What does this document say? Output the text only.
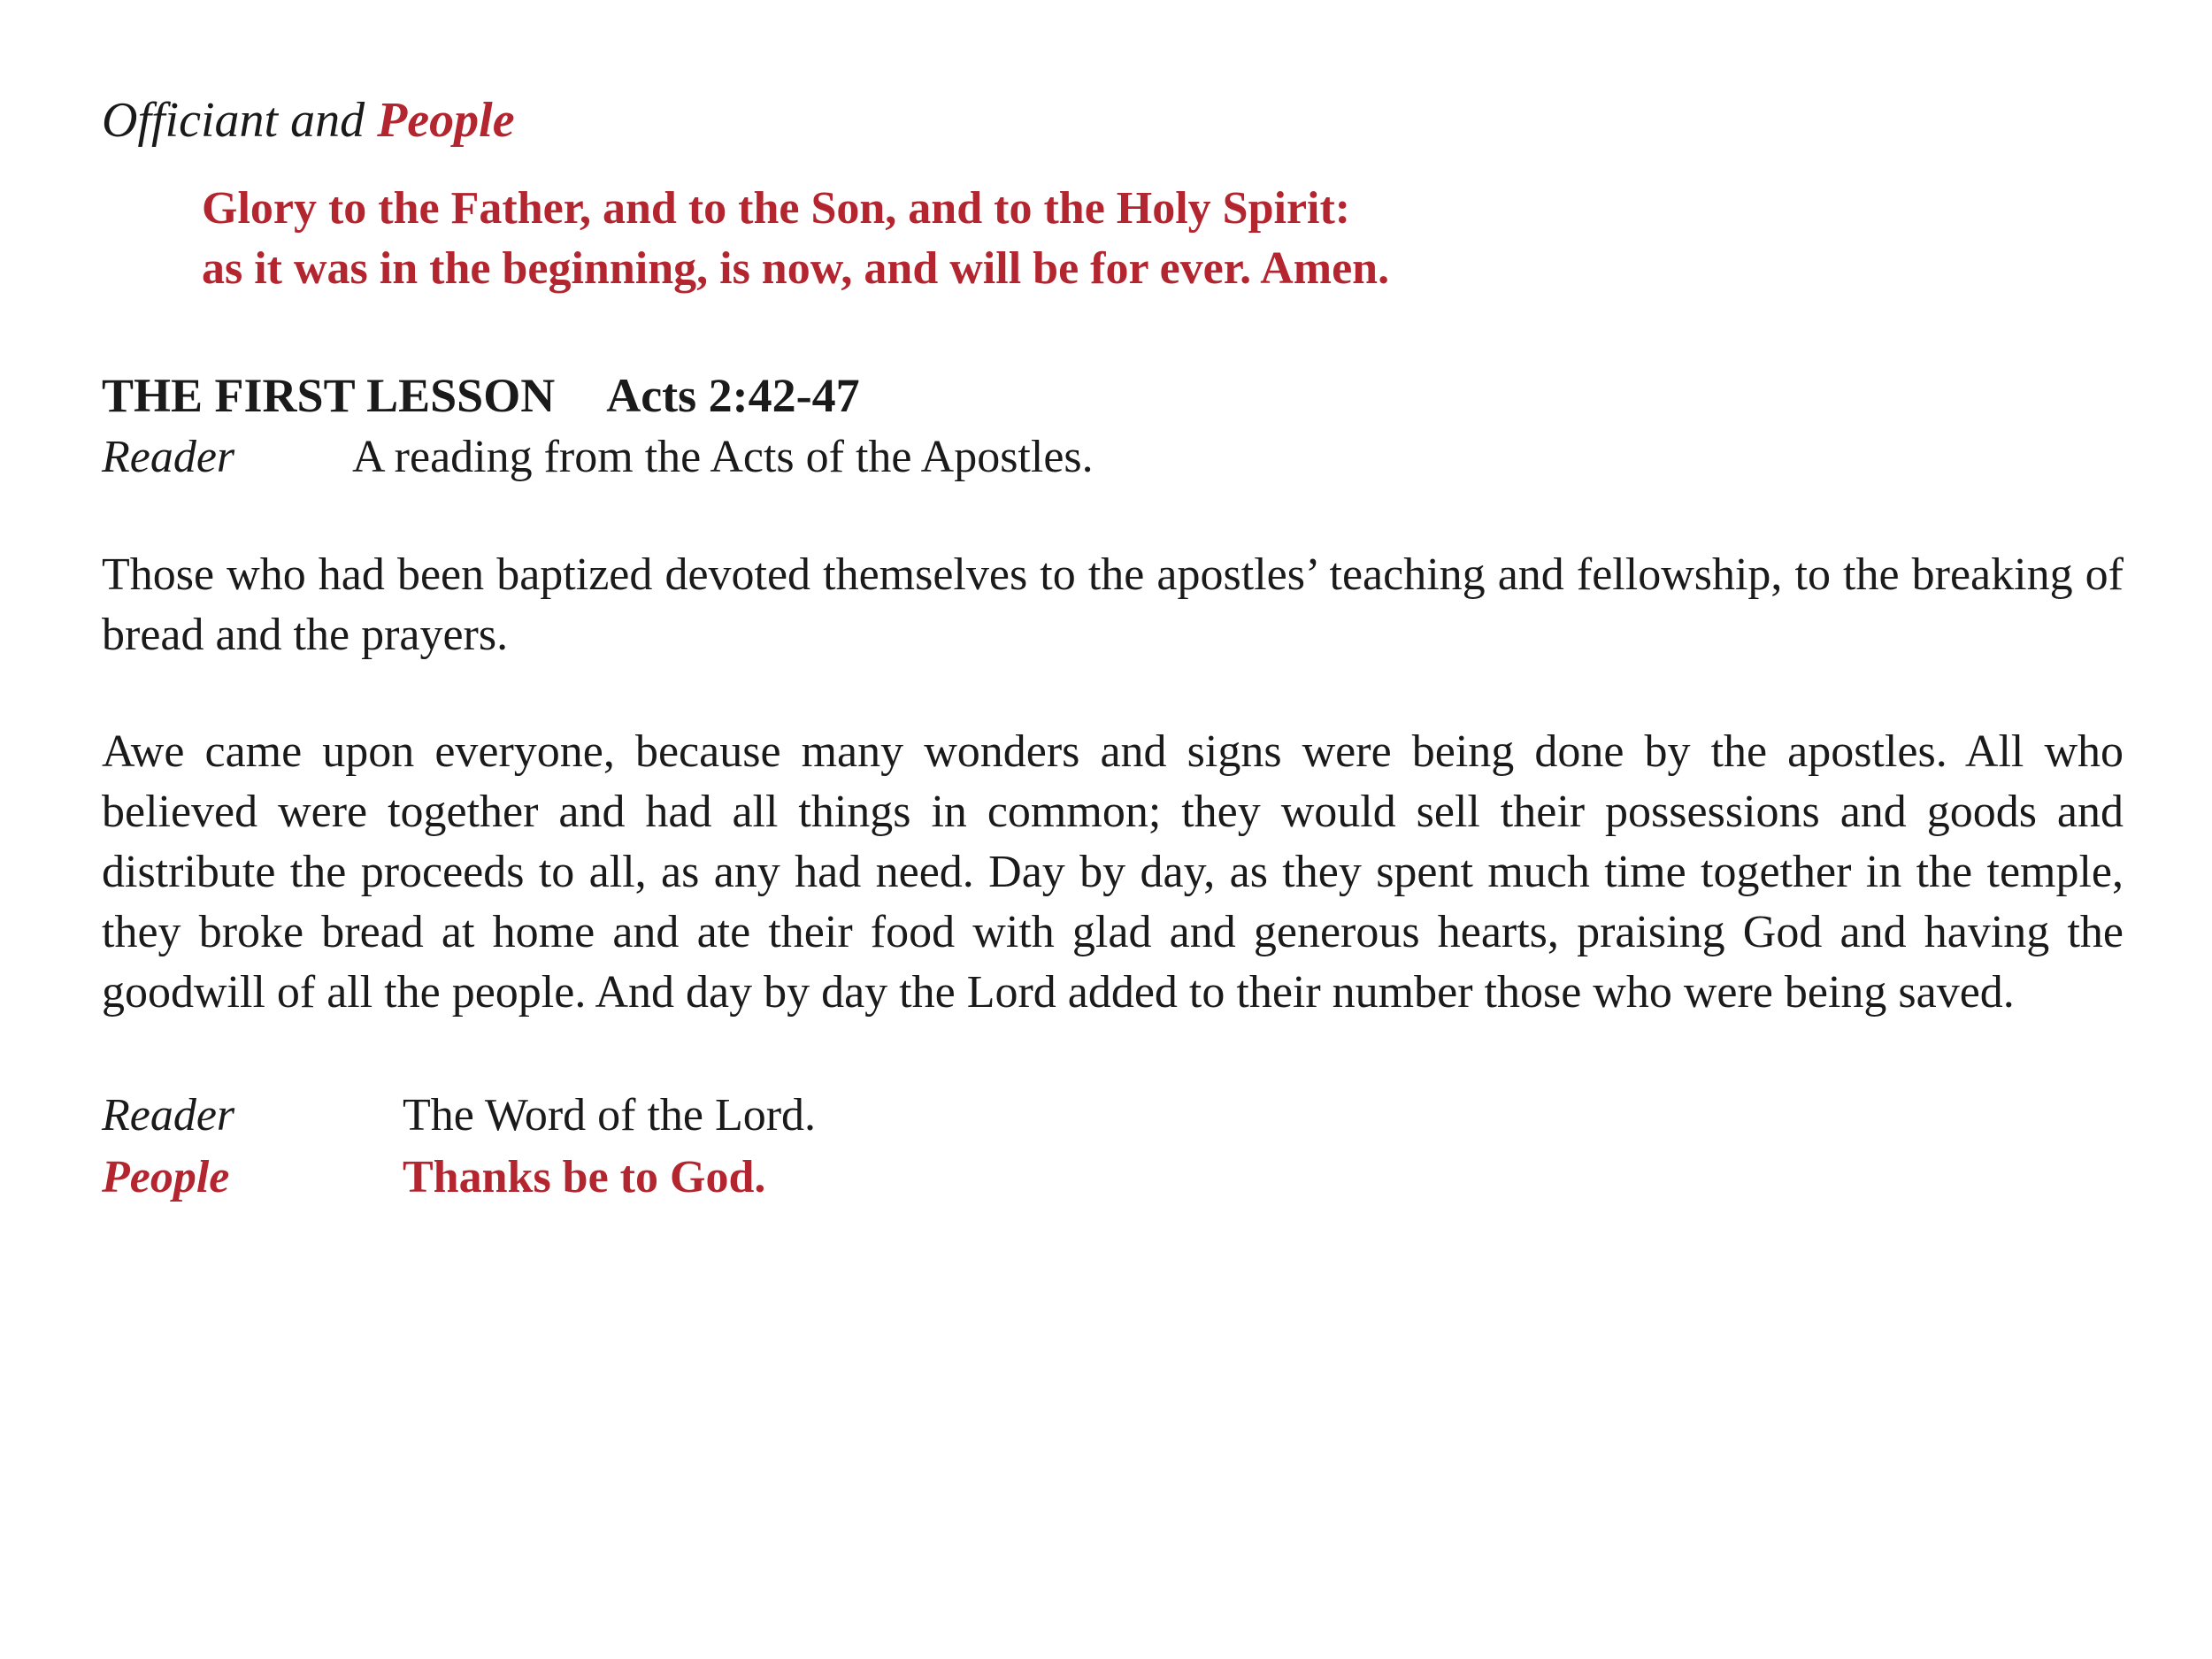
Officiant and People

Glory to the Father, and to the Son, and to the Holy Spirit:
as it was in the beginning, is now, and will be for ever. Amen.
THE FIRST LESSON Acts 2:42-47
Reader	A reading from the Acts of the Apostles.

Those who had been baptized devoted themselves to the apostles’ teaching and fellowship, to the breaking of bread and the prayers.

Awe came upon everyone, because many wonders and signs were being done by the apostles. All who believed were together and had all things in common; they would sell their possessions and goods and distribute the proceeds to all, as any had need. Day by day, as they spent much time together in the temple, they broke bread at home and ate their food with glad and generous hearts, praising God and having the goodwill of all the people. And day by day the Lord added to their number those who were being saved.

Reader	The Word of the Lord.
People	Thanks be to God.
